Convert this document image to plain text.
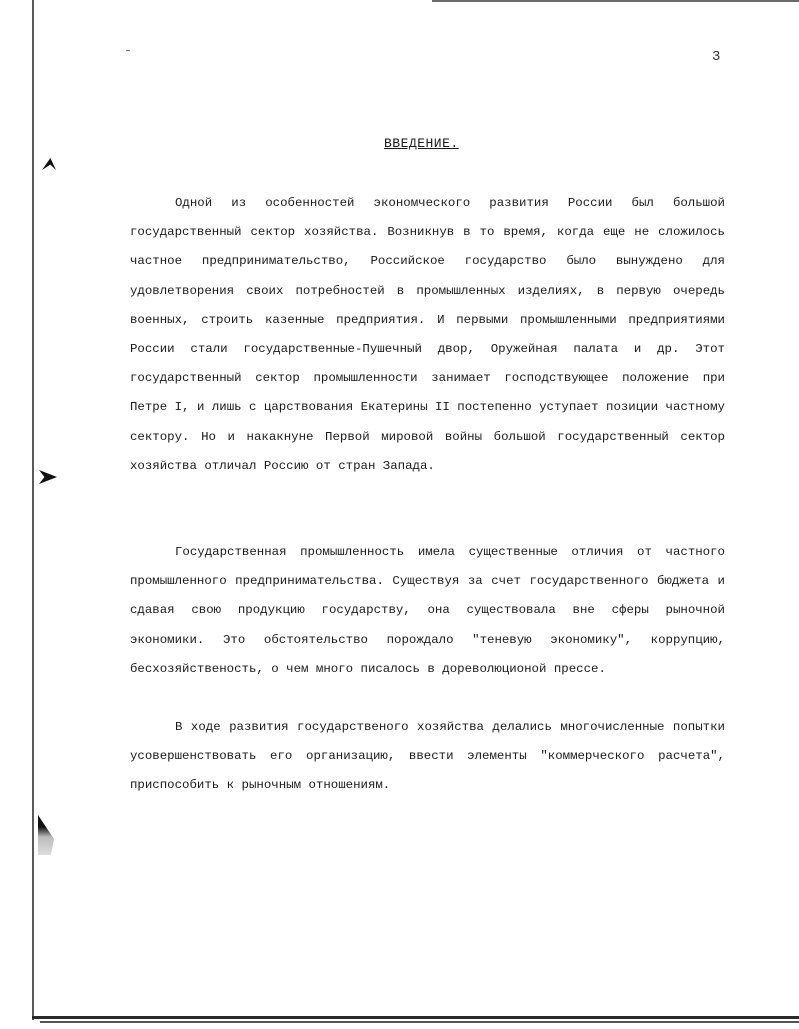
3
ВВЕДЕНИЕ.

Одной из особенностей экономческого развития России был большой государственный сектор хозяйства. Возникнув в то время, когда еще не сложилось частное предпринимательство, Российское государство было вынуждено для удовлетворения своих потребностей в промышленных изделиях, в первую очередь военных, строить казенные предприятия. И первыми промышленными предприятиями России стали государственные-Пушечный двор, Оружейная палата и др. Этот государственный сектор промышленности занимает господствующее положение при Петре I, и лишь с царствования Екатерины II постепенно уступает позиции частному сектору. Но и накакнуне Первой мировой войны большой государственный сектор хозяйства отличал Россию от стран Запада.

Государственная промышленность имела существенные отличия от частного промышленного предпринимательства. Существуя за счет государственного бюджета и сдавая свою продукцию государству, она существовала вне сферы рыночной экономики. Это обстоятельство порождало "теневую экономику", коррупцию, бесхозяйственость, о чем много писалось в дореволюционой прессе.

В ходе развития государственого хозяйства делались многочисленные попытки усовершенствовать его организацию, ввести элементы "коммерческого расчета", приспособить к рыночным отношениям.
